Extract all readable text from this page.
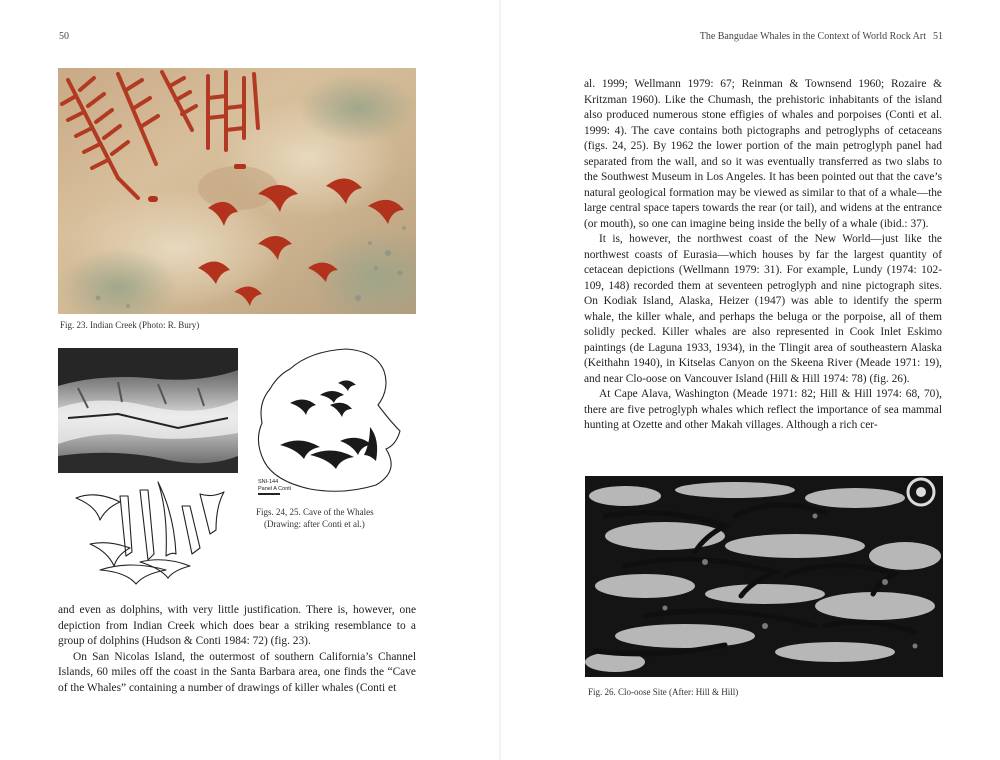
50	The Bangudae Whales in the Context of World Rock Art 51
Fig. 23. Indian Creek (Photo: R. Bury)
SNI-144
Panel A Conti
Figs. 24, 25. Cave of the Whales
(Drawing: after Conti et al.)

and even as dolphins, with very little justification. There is, however, one depiction from Indian Creek which does bear a striking resemblance to a group of dolphins (Hudson & Conti 1984: 72) (fig. 23).

On San Nicolas Island, the outermost of southern California’s Channel Islands, 60 miles off the coast in the Santa Barbara area, one finds the “Cave of the Whales” containing a number of drawings of killer whales (Conti et

al. 1999; Wellmann 1979: 67; Reinman & Townsend 1960; Rozaire & Kritzman 1960). Like the Chumash, the prehistoric inhabitants of the island also produced numerous stone effigies of whales and porpoises (Conti et al. 1999: 4). The cave contains both pictographs and petroglyphs of cetaceans (figs. 24, 25). By 1962 the lower portion of the main petroglyph panel had separated from the wall, and so it was eventually transferred as two slabs to the Southwest Museum in Los Angeles. It has been pointed out that the cave’s natural geological formation may be viewed as similar to that of a whale—the large central space tapers towards the rear (or tail), and widens at the entrance (or mouth), so one can imagine being inside the belly of a whale (ibid.: 37).

It is, however, the northwest coast of the New World—just like the northwest coasts of Eurasia—which houses by far the largest quantity of cetacean depictions (Wellmann 1979: 31). For example, Lundy (1974: 102-109, 148) recorded them at seventeen petroglyph and nine pictograph sites. On Kodiak Island, Alaska, Heizer (1947) was able to identify the sperm whale, the killer whale, and perhaps the beluga or the porpoise, all of them solidly pecked. Killer whales are also represented in Cook Inlet Eskimo paintings (de Laguna 1933, 1934), in the Tlingit area of southeastern Alaska (Keithahn 1940), in Kitselas Canyon on the Skeena River (Meade 1971: 19), and near Clo-oose on Vancouver Island (Hill & Hill 1974: 78) (fig. 26).

At Cape Alava, Washington (Meade 1971: 82; Hill & Hill 1974: 68, 70), there are five petroglyph whales which reflect the importance of sea mammal hunting at Ozette and other Makah villages. Although a rich cer-

Fig. 26. Clo-oose Site (After: Hill & Hill)
